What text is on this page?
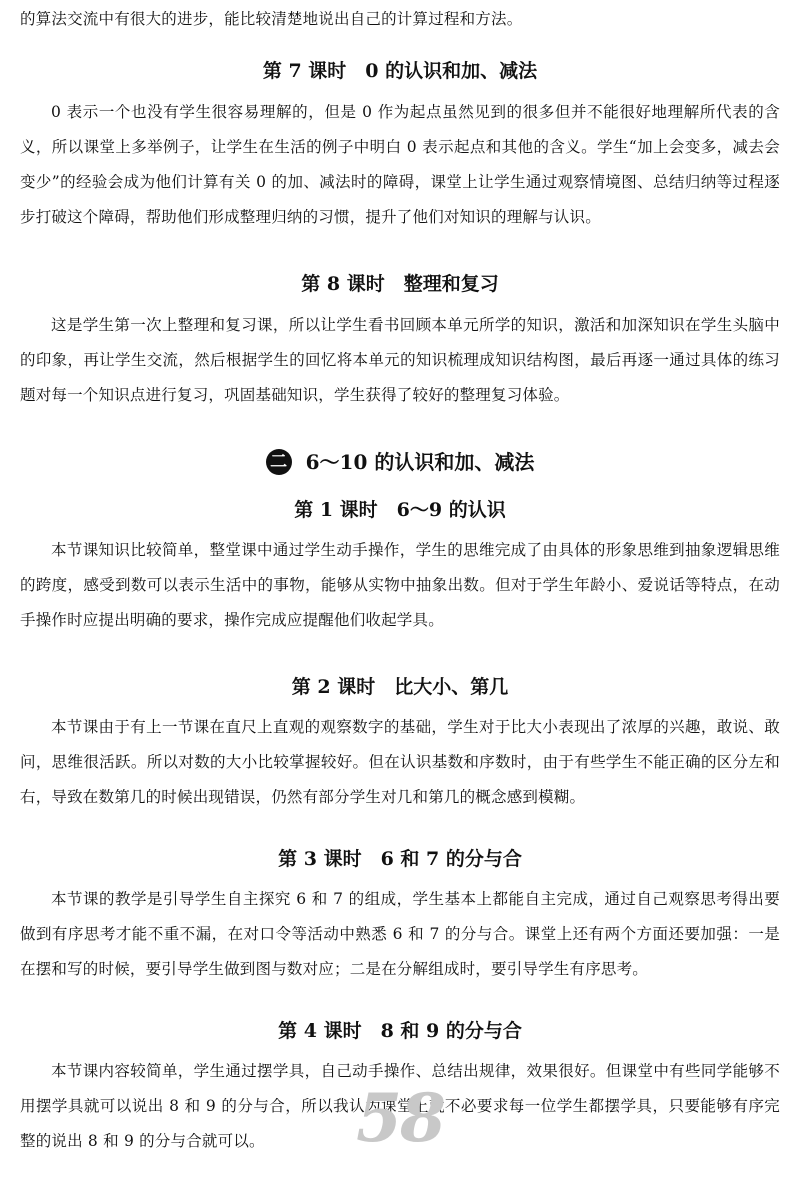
的算法交流中有很大的进步，能比较清楚地说出自己的计算过程和方法。

第 7 课时　0 的认识和加、减法

0 表示一个也没有学生很容易理解的，但是 0 作为起点虽然见到的很多但并不能很好地理解所代表的含义，所以课堂上多举例子，让学生在生活的例子中明白 0 表示起点和其他的含义。学生“加上会变多，减去会变少”的经验会成为他们计算有关 0 的加、减法时的障碍，课堂上让学生通过观察情境图、总结归纳等过程逐步打破这个障碍，帮助他们形成整理归纳的习惯，提升了他们对知识的理解与认识。

第 8 课时　整理和复习

这是学生第一次上整理和复习课，所以让学生看书回顾本单元所学的知识，激活和加深知识在学生头脑中的印象，再让学生交流，然后根据学生的回忆将本单元的知识梳理成知识结构图，最后再逐一通过具体的练习题对每一个知识点进行复习，巩固基础知识，学生获得了较好的整理复习体验。

二 6～10 的认识和加、减法
第 1 课时　6～9 的认识

本节课知识比较简单，整堂课中通过学生动手操作，学生的思维完成了由具体的形象思维到抽象逻辑思维的跨度，感受到数可以表示生活中的事物，能够从实物中抽象出数。但对于学生年龄小、爱说话等特点，在动手操作时应提出明确的要求，操作完成应提醒他们收起学具。

第 2 课时　比大小、第几

本节课由于有上一节课在直尺上直观的观察数字的基础，学生对于比大小表现出了浓厚的兴趣，敢说、敢问，思维很活跃。所以对数的大小比较掌握较好。但在认识基数和序数时，由于有些学生不能正确的区分左和右，导致在数第几的时候出现错误，仍然有部分学生对几和第几的概念感到模糊。

第 3 课时　6 和 7 的分与合

本节课的教学是引导学生自主探究 6 和 7 的组成，学生基本上都能自主完成，通过自己观察思考得出要做到有序思考才能不重不漏，在对口令等活动中熟悉 6 和 7 的分与合。课堂上还有两个方面还要加强：一是在摆和写的时候，要引导学生做到图与数对应；二是在分解组成时，要引导学生有序思考。

第 4 课时　8 和 9 的分与合

本节课内容较简单，学生通过摆学具，自己动手操作、总结出规律，效果很好。但课堂中有些同学能够不用摆学具就可以说出 8 和 9 的分与合，所以我认为课堂上就不必要求每一位学生都摆学具，只要能够有序完整的说出 8 和 9 的分与合就可以。	58
